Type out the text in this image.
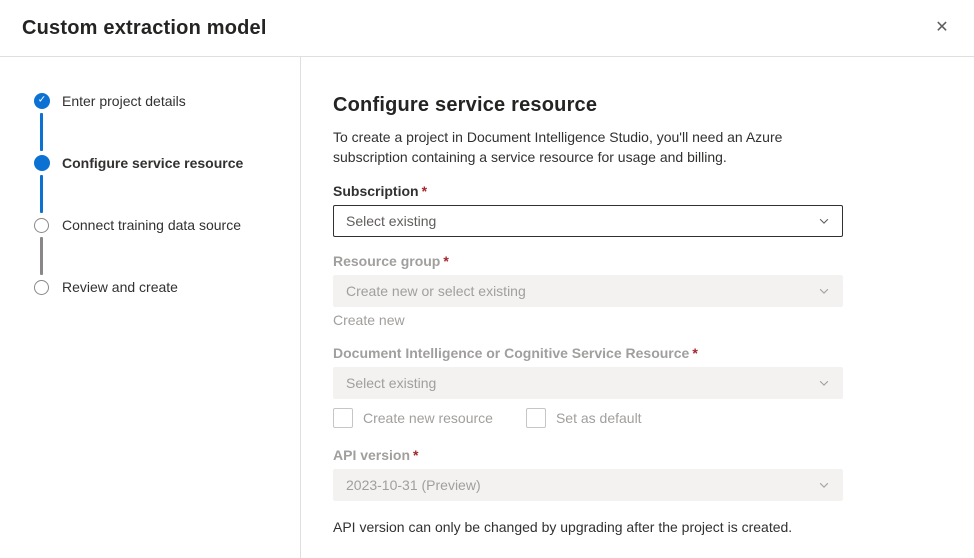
Custom extraction model	✕
✓ Enter project details
Configure service resource
Connect training data source
Review and create
Configure service resource

To create a project in Document Intelligence Studio, you'll need an Azure subscription containing a service resource for usage and billing.

Subscription *
Select existing
Resource group *
Create new or select existing
Create new
Document Intelligence or Cognitive Service Resource *
Select existing
Create new resource	Set as default
API version *
2023-10-31 (Preview)
API version can only be changed by upgrading after the project is created.
